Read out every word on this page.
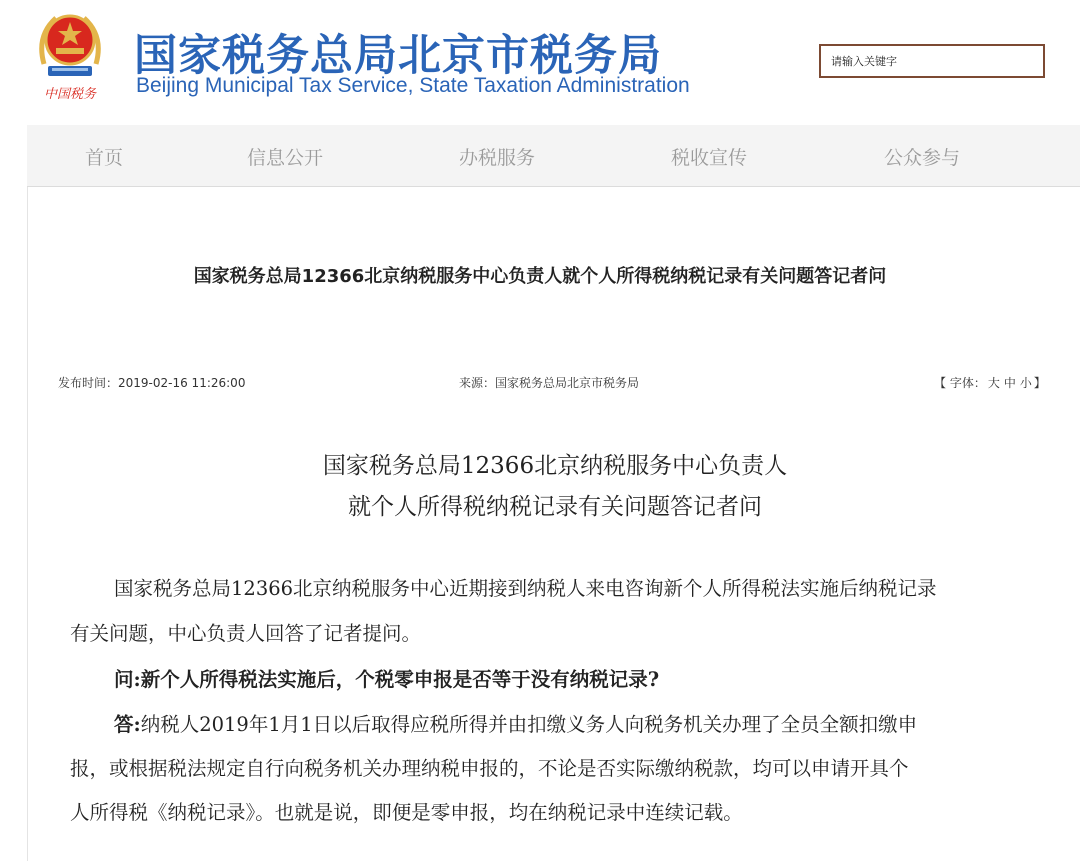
中国税务
国家税务总局北京市税务局
Beijing Municipal Tax Service, State Taxation Administration
请输入关键字
首页	信息公开	办税服务	税收宣传	公众参与
国家税务总局12366北京纳税服务中心负责人就个人所得税纳税记录有关问题答记者问
发布时间：2019-02-16 11:26:00	来源：国家税务总局北京市税务局	【 字体： 大 中 小 】
国家税务总局12366北京纳税服务中心负责人
就个人所得税纳税记录有关问题答记者问
国家税务总局12366北京纳税服务中心近期接到纳税人来电咨询新个人所得税法实施后纳税记录
有关问题，中心负责人回答了记者提问。
问:新个人所得税法实施后，个税零申报是否等于没有纳税记录?
答:纳税人2019年1月1日以后取得应税所得并由扣缴义务人向税务机关办理了全员全额扣缴申
报，或根据税法规定自行向税务机关办理纳税申报的，不论是否实际缴纳税款，均可以申请开具个
人所得税《纳税记录》。也就是说，即便是零申报，均在纳税记录中连续记载。
